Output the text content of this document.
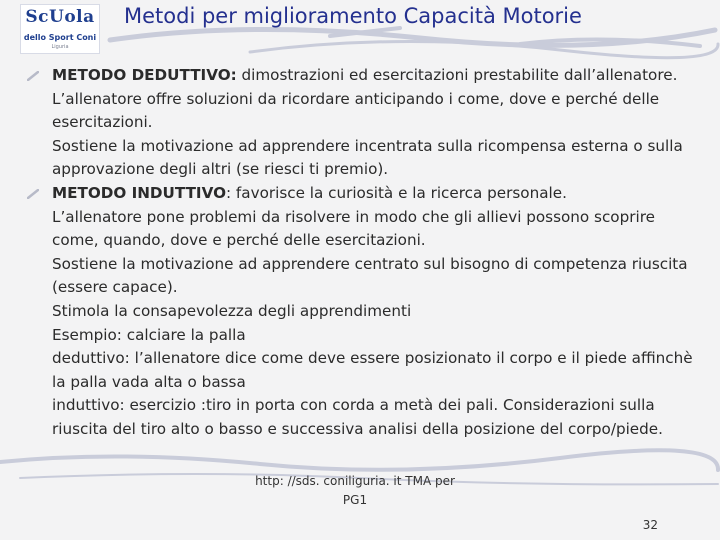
ScUola
dello Sport Coni
Liguria
Metodi per miglioramento Capacità Motorie

METODO DEDUTTIVO: dimostrazioni ed esercitazioni prestabilite dall’allenatore. L’allenatore offre soluzioni da ricordare anticipando i come, dove e perché delle esercitazioni.

Sostiene la motivazione ad apprendere incentrata sulla ricompensa esterna o sulla approvazione degli altri (se riesci ti premio).

METODO INDUTTIVO: favorisce la curiosità e la ricerca personale.

L’allenatore pone problemi da risolvere in modo che gli allievi possono scoprire come, quando, dove e perché delle esercitazioni.

Sostiene la motivazione ad apprendere centrato sul bisogno di competenza riuscita (essere capace).

Stimola la consapevolezza degli apprendimenti

Esempio: calciare la palla

deduttivo: l’allenatore dice come deve essere posizionato il corpo e il piede affinchè la palla vada alta o bassa

induttivo: esercizio :tiro in porta con corda a metà dei pali. Considerazioni sulla riuscita del tiro alto o basso e successiva analisi della posizione del corpo/piede.

http: //sds. coniliguria. it TMA per
PG1
32
